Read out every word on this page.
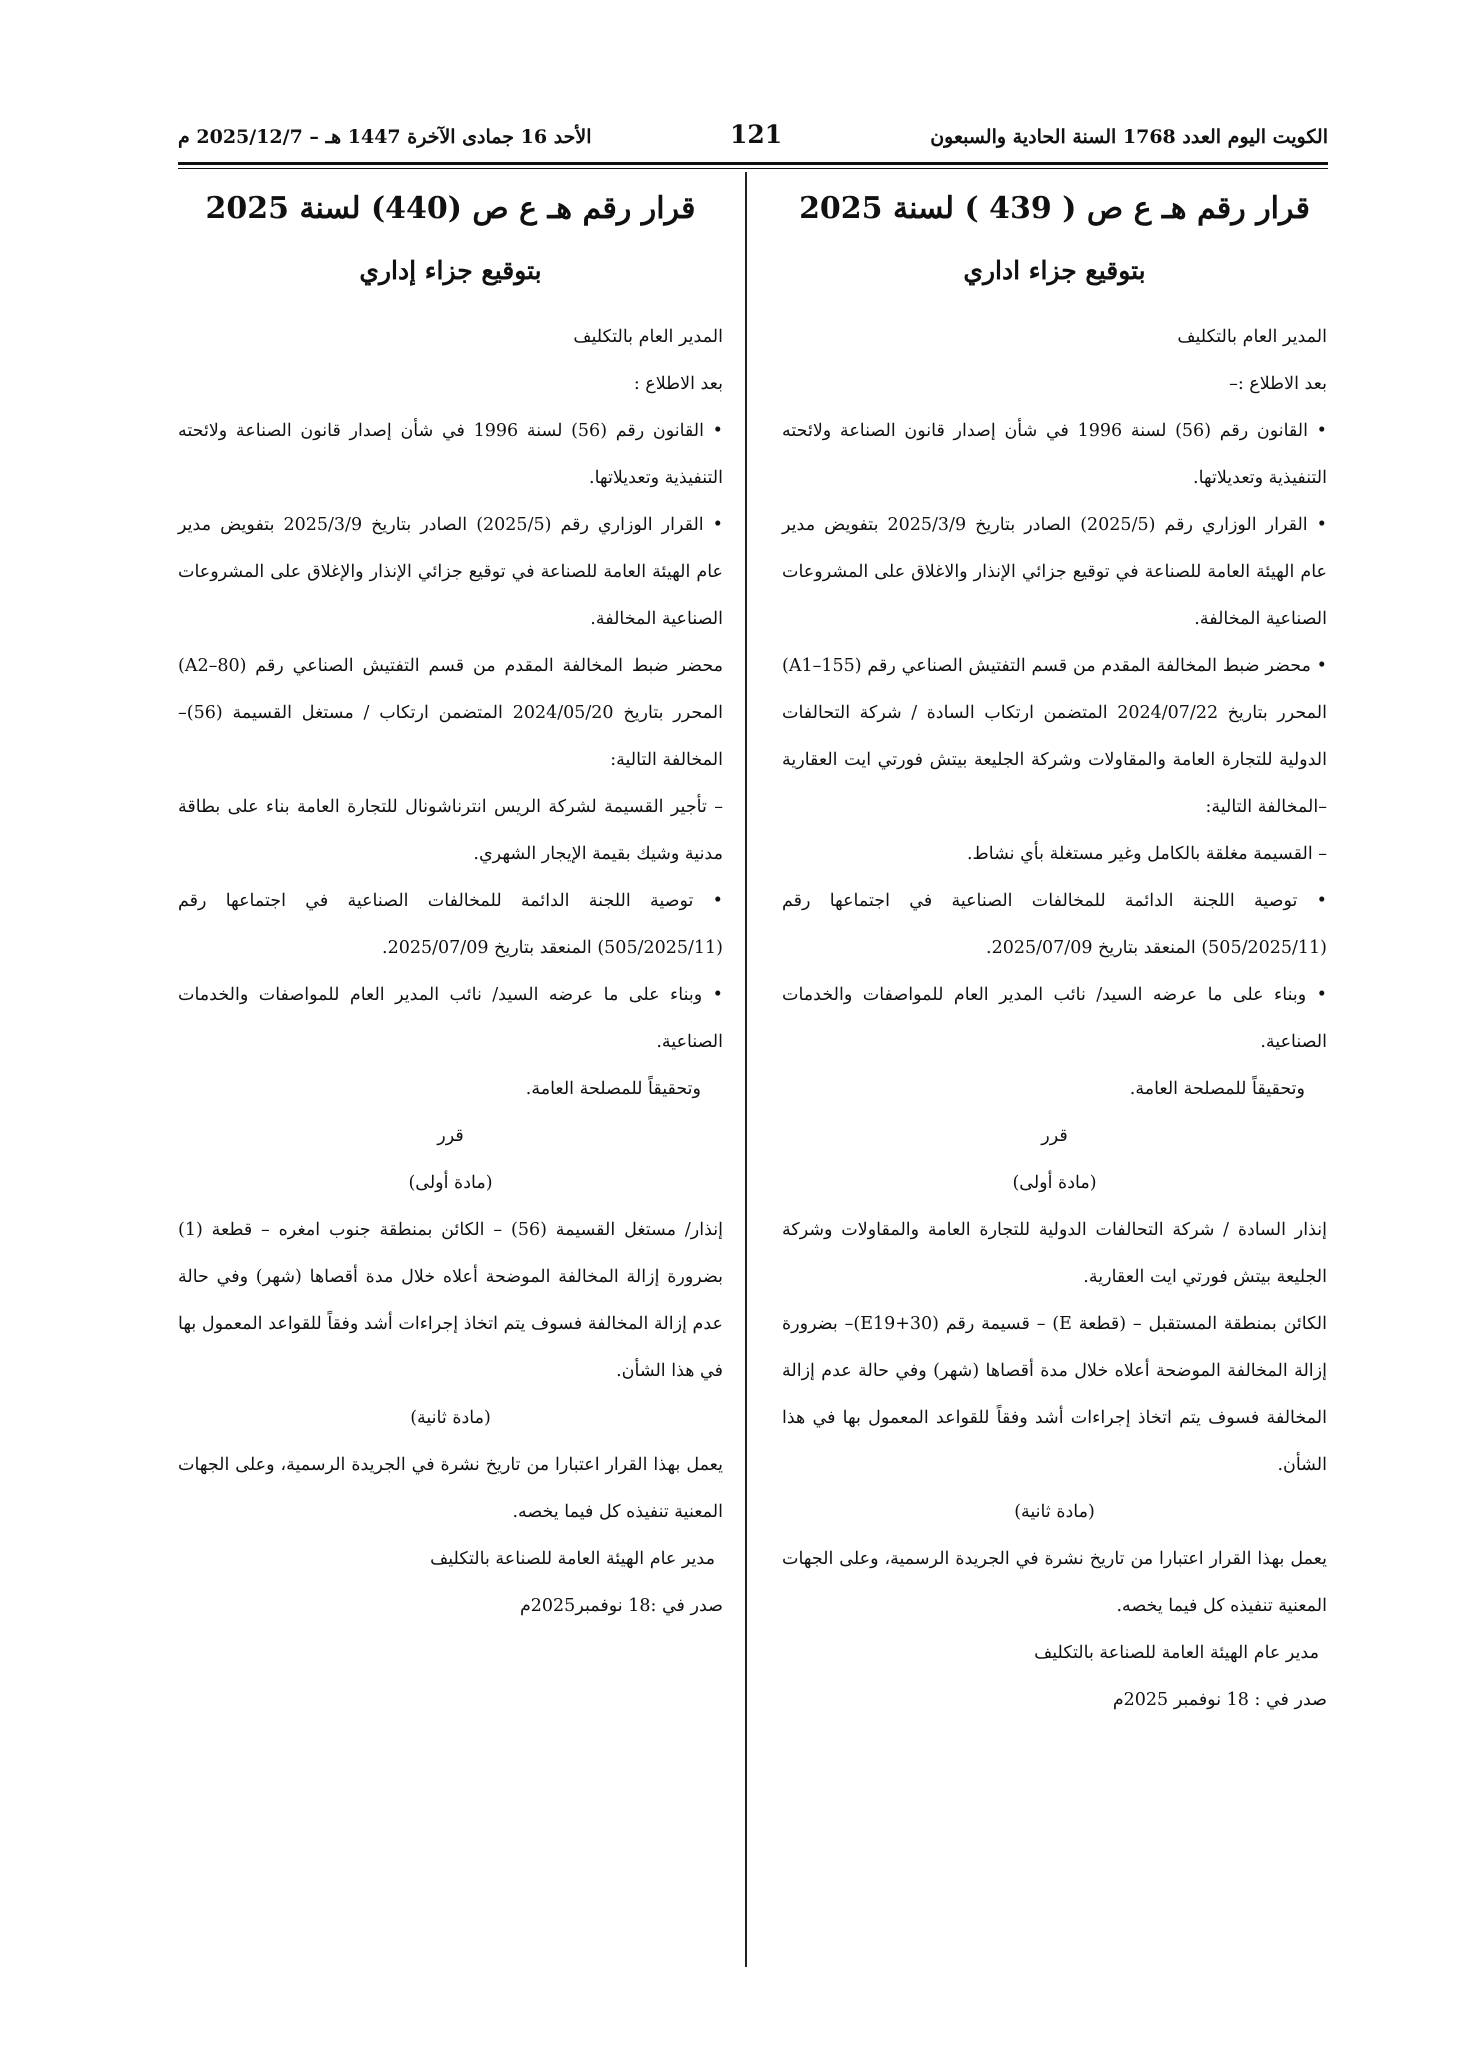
الكويت اليوم العدد 1768 السنة الحادية والسبعون
121
الأحد 16 جمادى الآخرة 1447 هـ – 2025/12/7 م
قرار رقم هـ ع ص ( 439 ) لسنة 2025
بتوقيع جزاء اداري

المدير العام بالتكليف

بعد الاطلاع :–

• القانون رقم (56) لسنة 1996 في شأن إصدار قانون الصناعة ولائحته التنفيذية وتعديلاتها.

• القرار الوزاري رقم (2025/5) الصادر بتاريخ 2025/3/9 بتفويض مدير عام الهيئة العامة للصناعة في توقيع جزائي الإنذار والاغلاق على المشروعات الصناعية المخالفة.

• محضر ضبط المخالفة المقدم من قسم التفتيش الصناعي رقم (A1–155) المحرر بتاريخ 2024/07/22 المتضمن ارتكاب السادة / شركة التحالفات الدولية للتجارة العامة والمقاولات وشركة الجليعة بيتش فورتي ايت العقارية –المخالفة التالية:

– القسيمة مغلقة بالكامل وغير مستغلة بأي نشاط.

• توصية اللجنة الدائمة للمخالفات الصناعية في اجتماعها رقم (505/2025/11) المنعقد بتاريخ 2025/07/09.

• وبناء على ما عرضه السيد/ نائب المدير العام للمواصفات والخدمات الصناعية.

وتحقيقاً للمصلحة العامة.

قرر

(مادة أولى)

إنذار السادة / شركة التحالفات الدولية للتجارة العامة والمقاولات وشركة الجليعة بيتش فورتي ايت العقارية.

الكائن بمنطقة المستقبل – (قطعة E) – قسيمة رقم (E19+30)– بضرورة إزالة المخالفة الموضحة أعلاه خلال مدة أقصاها (شهر) وفي حالة عدم إزالة المخالفة فسوف يتم اتخاذ إجراءات أشد وفقاً للقواعد المعمول بها في هذا الشأن.

(مادة ثانية)

يعمل بهذا القرار اعتبارا من تاريخ نشرة في الجريدة الرسمية، وعلى الجهات المعنية تنفيذه كل فيما يخصه.

مدير عام الهيئة العامة للصناعة بالتكليف

صدر في : 18 نوفمبر 2025م

قرار رقم هـ ع ص (440) لسنة 2025
بتوقيع جزاء إداري

المدير العام بالتكليف

بعد الاطلاع :

• القانون رقم (56) لسنة 1996 في شأن إصدار قانون الصناعة ولائحته التنفيذية وتعديلاتها.

• القرار الوزاري رقم (2025/5) الصادر بتاريخ 2025/3/9 بتفويض مدير عام الهيئة العامة للصناعة في توقيع جزائي الإنذار والإغلاق على المشروعات الصناعية المخالفة.

محضر ضبط المخالفة المقدم من قسم التفتيش الصناعي رقم (A2–80) المحرر بتاريخ 2024/05/20 المتضمن ارتكاب / مستغل القسيمة (56)– المخالفة التالية:

– تأجير القسيمة لشركة الريس انترناشونال للتجارة العامة بناء على بطاقة مدنية وشيك بقيمة الإيجار الشهري.

• توصية اللجنة الدائمة للمخالفات الصناعية في اجتماعها رقم (505/2025/11) المنعقد بتاريخ 2025/07/09.

• وبناء على ما عرضه السيد/ نائب المدير العام للمواصفات والخدمات الصناعية.

وتحقيقاً للمصلحة العامة.

قرر

(مادة أولى)

إنذار/ مستغل القسيمة (56) – الكائن بمنطقة جنوب امغره – قطعة (1) بضرورة إزالة المخالفة الموضحة أعلاه خلال مدة أقصاها (شهر) وفي حالة عدم إزالة المخالفة فسوف يتم اتخاذ إجراءات أشد وفقاً للقواعد المعمول بها في هذا الشأن.

(مادة ثانية)

يعمل بهذا القرار اعتبارا من تاريخ نشرة في الجريدة الرسمية، وعلى الجهات المعنية تنفيذه كل فيما يخصه.

مدير عام الهيئة العامة للصناعة بالتكليف

صدر في :18 نوفمبر2025م
